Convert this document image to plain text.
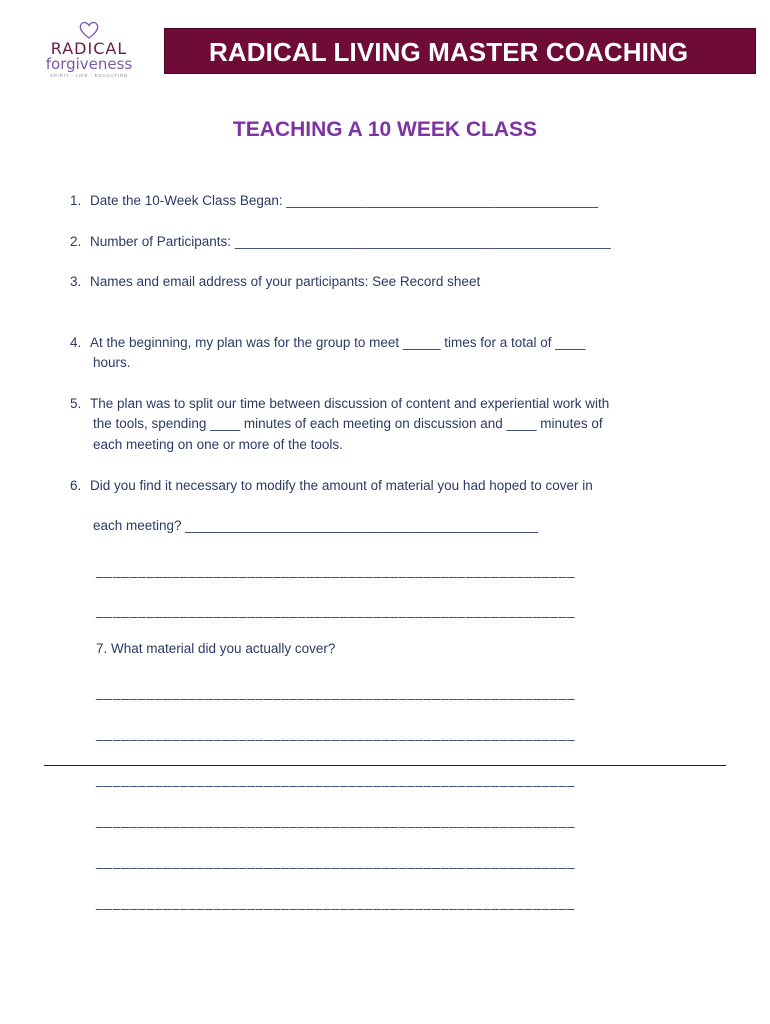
RADICAL
forgiveness
SPIRIT · LIFE · EDUCATION
RADICAL LIVING MASTER COACHING
TEACHING A 10 WEEK CLASS
1. Date the 10-Week Class Began: _______________________________________
2. Number of Participants: _______________________________________________
3. Names and email address of your participants: See Record sheet
4. At the beginning, my plan was for the group to meet _____ times for a total of ____
hours.
5. The plan was to split our time between discussion of content and experiential work with
the tools, spending ____ minutes of each meeting on discussion and ____ minutes of
each meeting on one or more of the tools.
6. Did you find it necessary to modify the amount of material you had hoped to cover in
each meeting? _______________________________________________
_________________________________________________________
_________________________________________________________
7. What material did you actually cover?
_________________________________________________________
_________________________________________________________
_________________________________________________________
_________________________________________________________
_________________________________________________________
_________________________________________________________
